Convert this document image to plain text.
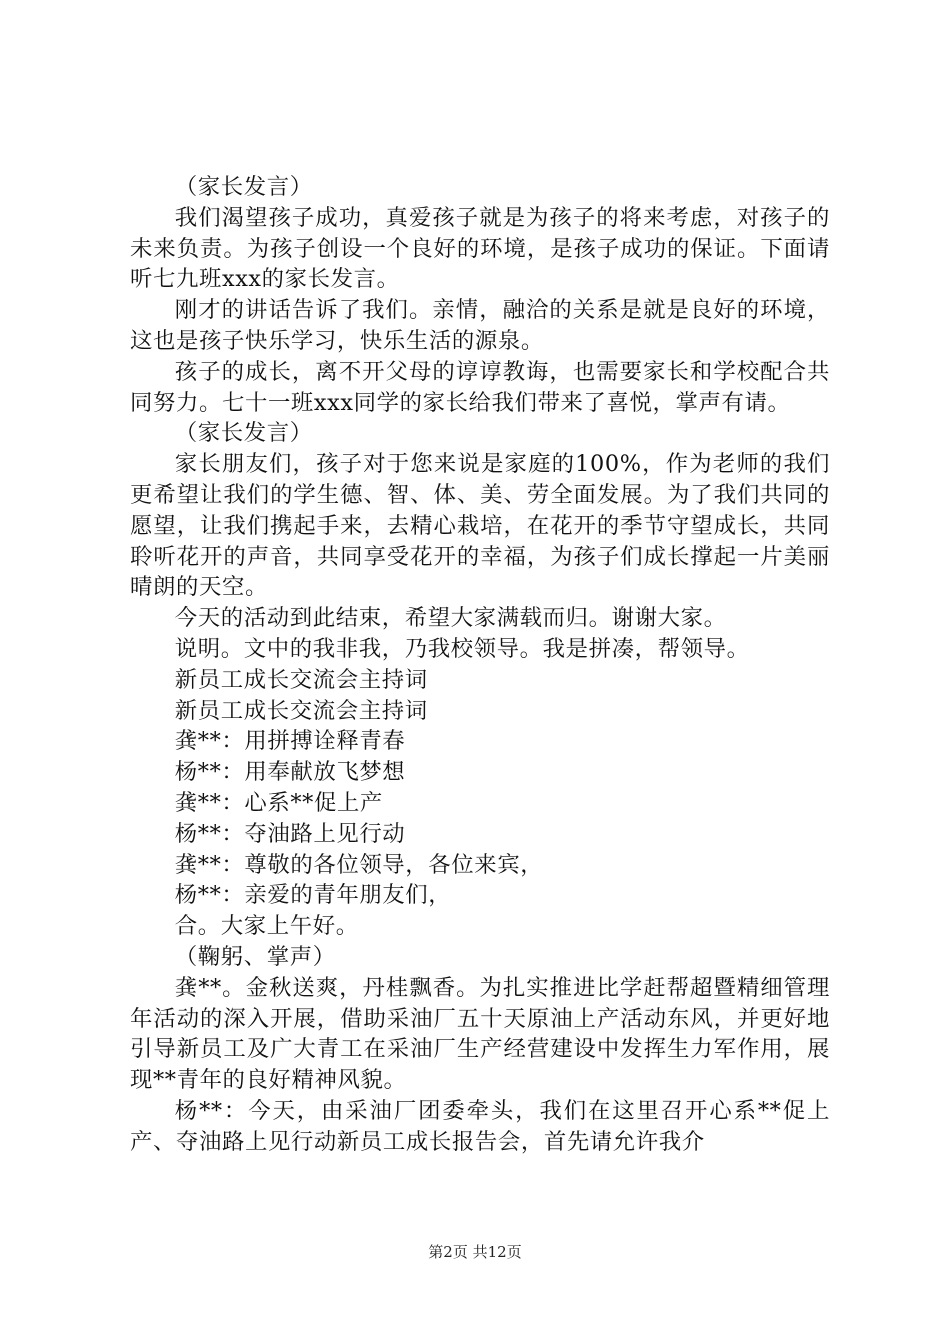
（家长发言）

我们渴望孩子成功，真爱孩子就是为孩子的将来考虑，对孩子的未来负责。为孩子创设一个良好的环境，是孩子成功的保证。下面请听七九班xxx的家长发言。

刚才的讲话告诉了我们。亲情，融洽的关系是就是良好的环境，这也是孩子快乐学习，快乐生活的源泉。

孩子的成长，离不开父母的谆谆教诲，也需要家长和学校配合共同努力。七十一班xxx同学的家长给我们带来了喜悦，掌声有请。

（家长发言）

家长朋友们，孩子对于您来说是家庭的100%，作为老师的我们更希望让我们的学生德、智、体、美、劳全面发展。为了我们共同的愿望，让我们携起手来，去精心栽培，在花开的季节守望成长，共同聆听花开的声音，共同享受花开的幸福，为孩子们成长撑起一片美丽晴朗的天空。

今天的活动到此结束，希望大家满载而归。谢谢大家。

说明。文中的我非我，乃我校领导。我是拼凑，帮领导。

新员工成长交流会主持词

新员工成长交流会主持词

龚**：用拼搏诠释青春

杨**：用奉献放飞梦想

龚**：心系**促上产

杨**：夺油路上见行动

龚**：尊敬的各位领导，各位来宾，

杨**：亲爱的青年朋友们，

合。大家上午好。

（鞠躬、掌声）

龚**。金秋送爽，丹桂飘香。为扎实推进比学赶帮超暨精细管理年活动的深入开展，借助采油厂五十天原油上产活动东风，并更好地引导新员工及广大青工在采油厂生产经营建设中发挥生力军作用，展现**青年的良好精神风貌。

杨**：今天，由采油厂团委牵头，我们在这里召开心系**促上产、夺油路上见行动新员工成长报告会，首先请允许我介

第2页 共12页
